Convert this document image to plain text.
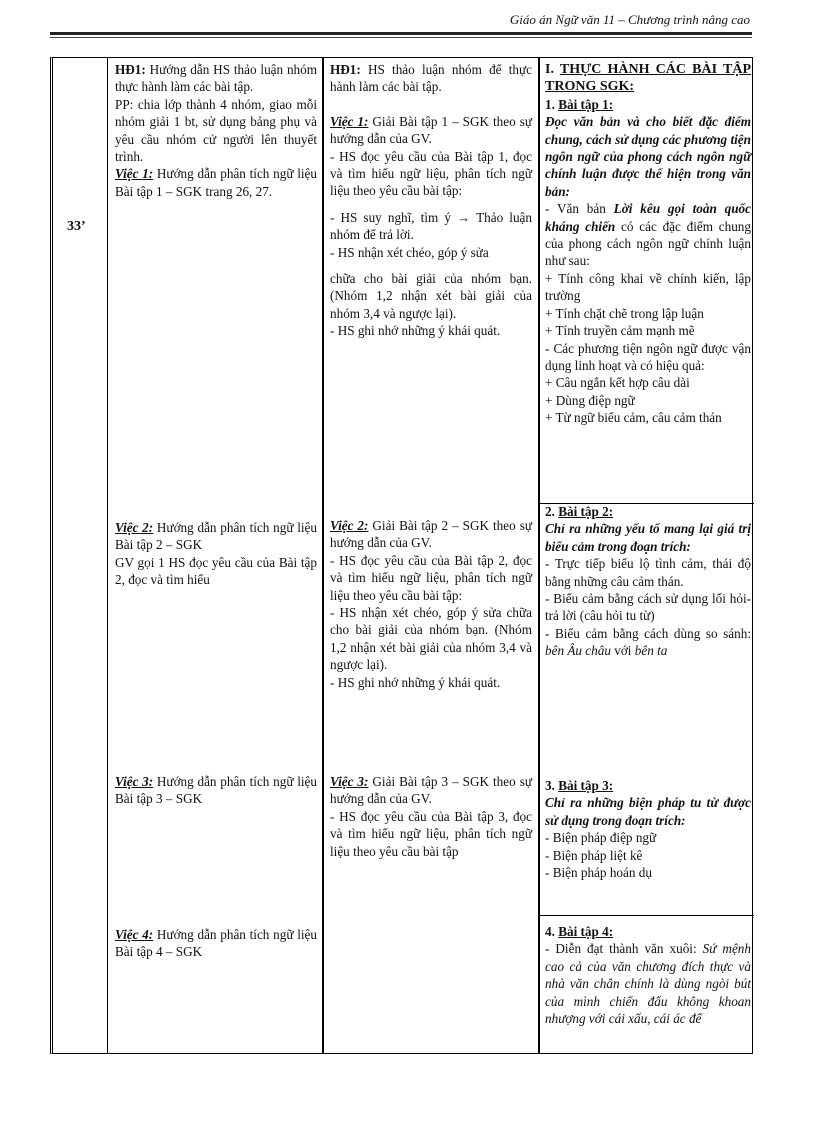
Giáo án Ngữ văn 11 – Chương trình nâng cao
33’

HĐ1: Hướng dẫn HS thảo luận nhóm thực hành làm các bài tập.

PP: chia lớp thành 4 nhóm, giao mỗi nhóm giải 1 bt, sử dụng bảng phụ và yêu cầu nhóm cử người lên thuyết trình.

Việc 1: Hướng dẫn phân tích ngữ liệu Bài tập 1 – SGK trang 26, 27.

Việc 2: Hướng dẫn phân tích ngữ liệu Bài tập 2 – SGK

GV gọi 1 HS đọc yêu cầu của Bài tập 2, đọc và tìm hiểu

Việc 3: Hướng dẫn phân tích ngữ liệu Bài tập 3 – SGK

Việc 4: Hướng dẫn phân tích ngữ liệu Bài tập 4 – SGK

HĐ1: HS thảo luận nhóm để thực hành làm các bài tập.

Việc 1: Giải Bài tập 1 – SGK theo sự hướng dẫn của GV.

- HS đọc yêu cầu của Bài tập 1, đọc và tìm hiểu ngữ liệu, phân tích ngữ liệu theo yêu cầu bài tập:

- HS suy nghĩ, tìm ý → Thảo luận nhóm để trả lời.

- HS nhận xét chéo, góp ý sửa

chữa cho bài giải của nhóm bạn. (Nhóm 1,2 nhận xét bài giải của nhóm 3,4 và ngược lại).

- HS ghi nhớ những ý khái quát.

Việc 2: Giải Bài tập 2 – SGK theo sự hướng dẫn của GV.

- HS đọc yêu cầu của Bài tập 2, đọc và tìm hiểu ngữ liệu, phân tích ngữ liệu theo yêu cầu bài tập:

- HS nhận xét chéo, góp ý sửa chữa cho bài giải của nhóm bạn. (Nhóm 1,2 nhận xét bài giải của nhóm 3,4 và ngược lại).

- HS ghi nhớ những ý khái quát.

Việc 3: Giải Bài tập 3 – SGK theo sự hướng dẫn của GV.

- HS đọc yêu cầu của Bài tập 3, đọc và tìm hiểu ngữ liệu, phân tích ngữ liệu theo yêu cầu bài tập

I. THỰC HÀNH CÁC BÀI TẬP TRONG SGK:

1. Bài tập 1:

Đọc văn bản và cho biết đặc điểm chung, cách sử dụng các phương tiện ngôn ngữ của phong cách ngôn ngữ chính luận được thể hiện trong văn bản:

- Văn bản Lời kêu gọi toàn quốc kháng chiến có các đặc điểm chung của phong cách ngôn ngữ chính luận như sau:

+ Tính công khai về chính kiến, lập trường

+ Tính chặt chẽ trong lập luận

+ Tính truyền cảm mạnh mẽ

- Các phương tiện ngôn ngữ được vận dụng linh hoạt và có hiệu quả:

+ Câu ngắn kết hợp câu dài

+ Dùng điệp ngữ

+ Từ ngữ biểu cảm, câu cảm thán

2. Bài tập 2:

Chỉ ra những yếu tố mang lại giá trị biểu cảm trong đoạn trích:

- Trực tiếp biểu lộ tình cảm, thái độ bằng những câu cảm thán.

- Biểu cảm bằng cách sử dụng lối hỏi-trả lời (câu hỏi tu từ)

- Biểu cảm bằng cách dùng so sánh: bên Âu châu với bên ta

3. Bài tập 3:

Chỉ ra những biện pháp tu từ được sử dụng trong đoạn trích:

- Biện pháp điệp ngữ

- Biện pháp liệt kê

- Biện pháp hoán dụ

4. Bài tập 4:

- Diễn đạt thành văn xuôi: Sứ mệnh cao cả của văn chương đích thực và nhà văn chân chính là dùng ngòi bút của mình chiến đấu không khoan nhượng với cái xấu, cái ác để
